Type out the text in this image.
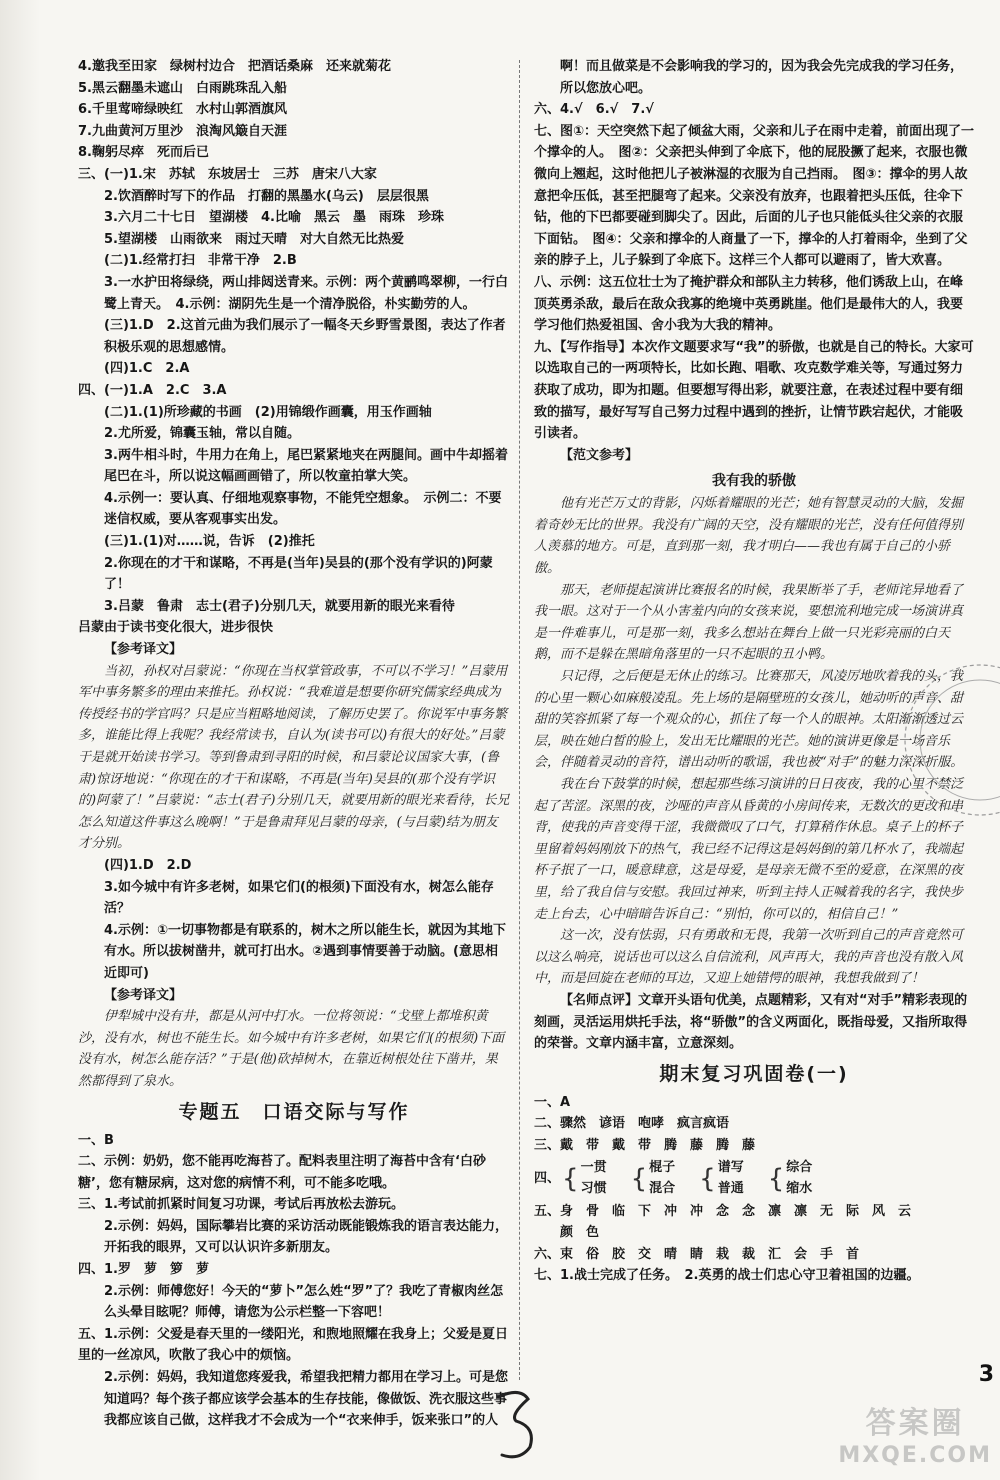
4.邀我至田家　绿树村边合　把酒话桑麻　还来就菊花

5.黑云翻墨未遮山　白雨跳珠乱入船

6.千里莺啼绿映红　水村山郭酒旗风

7.九曲黄河万里沙　浪淘风簸自天涯

8.鞠躬尽瘁　死而后已

三、(一)1.宋　苏轼　东坡居士　三苏　唐宋八大家

2.饮酒醉时写下的作品　打翻的黑墨水(乌云)　层层很黑

3.六月二十七日　望湖楼　4.比喻　黑云　墨　雨珠　珍珠

5.望湖楼　山雨欲来　雨过天晴　对大自然无比热爱

(二)1.经常打扫　非常干净　2.B

3.一水护田将绿绕，两山排闼送青来。示例：两个黄鹂鸣翠柳，一行白鹭上青天。　4.示例：湖阴先生是一个清净脱俗，朴实勤劳的人。

(三)1.D　2.这首元曲为我们展示了一幅冬天乡野雪景图，表达了作者积极乐观的思想感情。

(四)1.C　2.A

四、(一)1.A　2.C　3.A

(二)1.(1)所珍藏的书画　(2)用锦缎作画囊，用玉作画轴

2.尤所爱，锦囊玉轴，常以自随。

3.两牛相斗时，牛用力在角上，尾巴紧紧地夹在两腿间。画中牛却摇着尾巴在斗，所以说这幅画画错了，所以牧童拍掌大笑。

4.示例一：要认真、仔细地观察事物，不能凭空想象。　示例二：不要迷信权威，要从客观事实出发。

(三)1.(1)对……说，告诉　(2)推托

2.你现在的才干和谋略，不再是(当年)吴县的(那个没有学识的)阿蒙了！

3.吕蒙　鲁肃　志士(君子)分别几天，就要用新的眼光来看待

吕蒙由于读书变化很大，进步很快

【参考译文】

当初，孙权对吕蒙说：“你现在当权掌管政事，不可以不学习！”吕蒙用军中事务繁多的理由来推托。孙权说：“我难道是想要你研究儒家经典成为传授经书的学官吗？只是应当粗略地阅读，了解历史罢了。你说军中事务繁多，谁能比得上我呢？我经常读书，自认为(读书可以)有很大的好处。”吕蒙于是就开始读书学习。等到鲁肃到寻阳的时候，和吕蒙论议国家大事，(鲁肃)惊讶地说：“你现在的才干和谋略，不再是(当年)吴县的(那个没有学识的)阿蒙了！”吕蒙说：“志士(君子)分别几天，就要用新的眼光来看待，长兄怎么知道这件事这么晚啊！”于是鲁肃拜见吕蒙的母亲，(与吕蒙)结为朋友才分别。

(四)1.D　2.D

3.如今城中有许多老树，如果它们(的根须)下面没有水，树怎么能存活？

4.示例：①一切事物都是有联系的，树木之所以能生长，就因为其地下有水。所以拔树凿井，就可打出水。②遇到事情要善于动脑。(意思相近即可)

【参考译文】

伊犁城中没有井，都是从河中打水。一位将领说：“戈壁上都堆积黄沙，没有水，树也不能生长。如今城中有许多老树，如果它们(的根须)下面没有水，树怎么能存活？”于是(他)砍掉树木，在靠近树根处往下凿井，果然都得到了泉水。

专题五　口语交际与写作

一、B

二、示例：奶奶，您不能再吃海苔了。配料表里注明了海苔中含有‘白砂糖’，您有糖尿病，这对您的病情不利，可不能多吃哦。

三、1.考试前抓紧时间复习功课，考试后再放松去游玩。

2.示例：妈妈，国际攀岩比赛的采访活动既能锻炼我的语言表达能力，开拓我的眼界，又可以认识许多新朋友。

四、1.罗　萝　箩　萝

2.示例：师傅您好！今天的“萝卜”怎么姓“罗”了？我吃了青椒肉丝怎么头晕目眩呢？师傅，请您为公示栏整一下容吧！

五、1.示例：父爱是春天里的一缕阳光，和煦地照耀在我身上；父爱是夏日里的一丝凉风，吹散了我心中的烦恼。

2.示例：妈妈，我知道您疼爱我，希望我把精力都用在学习上。可是您知道吗？每个孩子都应该学会基本的生存技能，像做饭、洗衣服这些事我都应该自己做，这样我才不会成为一个“衣来伸手，饭来张口”的人

啊！而且做菜是不会影响我的学习的，因为我会先完成我的学习任务，所以您放心吧。

六、4.√　6.√　7.√

七、图①：天空突然下起了倾盆大雨，父亲和儿子在雨中走着，前面出现了一个撑伞的人。　图②：父亲把头伸到了伞底下，他的屁股撅了起来，衣服也微微向上翘起，这时他把儿子被淋湿的衣服为自己挡雨。　图③：撑伞的男人故意把伞压低，甚至把腿弯了起来。父亲没有放弃，也跟着把头压低，往伞下钻，他的下巴都要碰到脚尖了。因此，后面的儿子也只能低头往父亲的衣服下面钻。　图④：父亲和撑伞的人商量了一下，撑伞的人打着雨伞，坐到了父亲的脖子上，儿子躲到了伞底下。这样三个人都可以避雨了，皆大欢喜。

八、示例：这五位壮士为了掩护群众和部队主力转移，他们诱敌上山，在峰顶英勇杀敌，最后在敌众我寡的绝境中英勇跳崖。他们是最伟大的人，我要学习他们热爱祖国、舍小我为大我的精神。

九、【写作指导】本次作文题要求写“我”的骄傲，也就是自己的特长。大家可以选取自己的一两项特长，比如长跑、唱歌、攻克数学难关等，写通过努力获取了成功，即为扣题。但要想写得出彩，就要注意，在表述过程中要有细致的描写，最好写写自己努力过程中遇到的挫折，让情节跌宕起伏，才能吸引读者。

【范文参考】

我有我的骄傲

他有光芒万丈的背影，闪烁着耀眼的光芒；她有智慧灵动的大脑，发掘着奇妙无比的世界。我没有广阔的天空，没有耀眼的光芒，没有任何值得别人羡慕的地方。可是，直到那一刻，我才明白——我也有属于自己的小骄傲。

那天，老师提起演讲比赛报名的时候，我果断举了手，老师诧异地看了我一眼。这对于一个从小害羞内向的女孩来说，要想流利地完成一场演讲真是一件难事儿，可是那一刻，我多么想站在舞台上做一只光彩亮丽的白天鹅，而不是躲在黑暗角落里的一只不起眼的丑小鸭。

只记得，之后便是无休止的练习。比赛那天，风凌厉地吹着我的头，我的心里一颗心如麻般凌乱。先上场的是隔壁班的女孩儿，她动听的声音、甜甜的笑容抓紧了每一个观众的心，抓住了每一个人的眼神。太阳渐渐透过云层，映在她白皙的脸上，发出无比耀眼的光芒。她的演讲更像是一场音乐会，伴随着灵动的音符，谱出动听的歌谣，我也被“对手”的魅力深深折服。

我在台下鼓掌的时候，想起那些练习演讲的日日夜夜，我的心里不禁泛起了苦涩。深黑的夜，沙哑的声音从昏黄的小房间传来，无数次的更改和串背，使我的声音变得干涩，我微微叹了口气，打算稍作休息。桌子上的杯子里留着妈妈刚放下的热气，我已经不记得这是妈妈倒的第几杯水了，我端起杯子抿了一口，暖意肆意，这是母爱，是母亲无微不至的爱意，在深黑的夜里，给了我自信与安慰。我回过神来，听到主持人正喊着我的名字，我快步走上台去，心中暗暗告诉自己：“别怕，你可以的，相信自己！”

这一次，没有怯弱，只有勇敢和无畏，我第一次听到自己的声音竟然可以这么响亮，说话也可以这么自信流利，风声再大，我的声音也没有散入风中，而是回旋在老师的耳边，又迎上她错愕的眼神，我想我做到了！

【名师点评】文章开头语句优美，点题精彩，又有对“对手”精彩表现的刻画，灵活运用烘托手法，将“骄傲”的含义两面化，既指母爱，又指所取得的荣誉。文章内涵丰富，立意深刻。

期末复习巩固卷(一)

一、A

二、骤然　谚语　咆哮　疯言疯语

三、戴　带　戴　带　腾　藤　腾　藤

四、 { 一贯
习惯 { 棍子
混合 { 谱写
普通 { 综合
缩水

五、身　骨　临　下　冲　冲　念　念　凛　凛　无　际　风　云

颜　色

六、束　俗　胶　交　晴　睛　栽　裁　汇　会　手　首

七、1.战士完成了任务。　2.英勇的战士们忠心守卫着祖国的边疆。

3
答案圈
MXQE.COM
